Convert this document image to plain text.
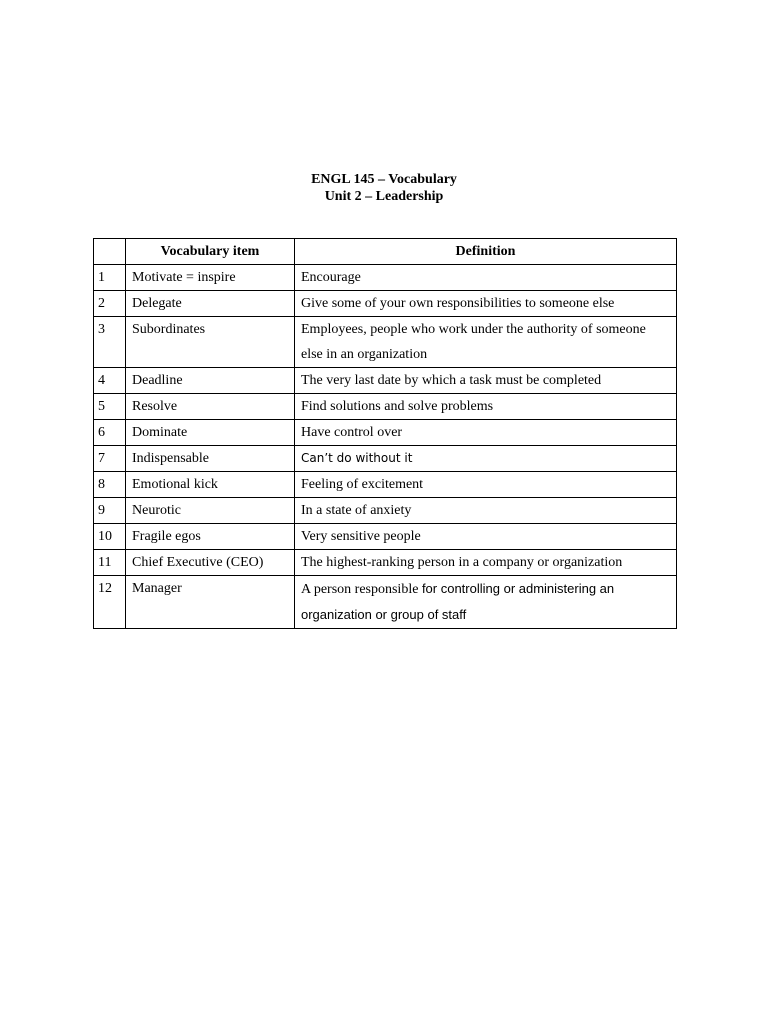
ENGL 145 – Vocabulary
Unit 2 – Leadership
	Vocabulary item	Definition
1	Motivate = inspire	Encourage
2	Delegate	Give some of your own responsibilities to someone else
3	Subordinates	Employees, people who work under the authority of someone else in an organization
4	Deadline	The very last date by which a task must be completed
5	Resolve	Find solutions and solve problems
6	Dominate	Have control over
7	Indispensable	Can’t do without it
8	Emotional kick	Feeling of excitement
9	Neurotic	In a state of anxiety
10	Fragile egos	Very sensitive people
11	Chief Executive (CEO)	The highest-ranking person in a company or organization
12	Manager	A person responsible for controlling or administering an organization or group of staff
